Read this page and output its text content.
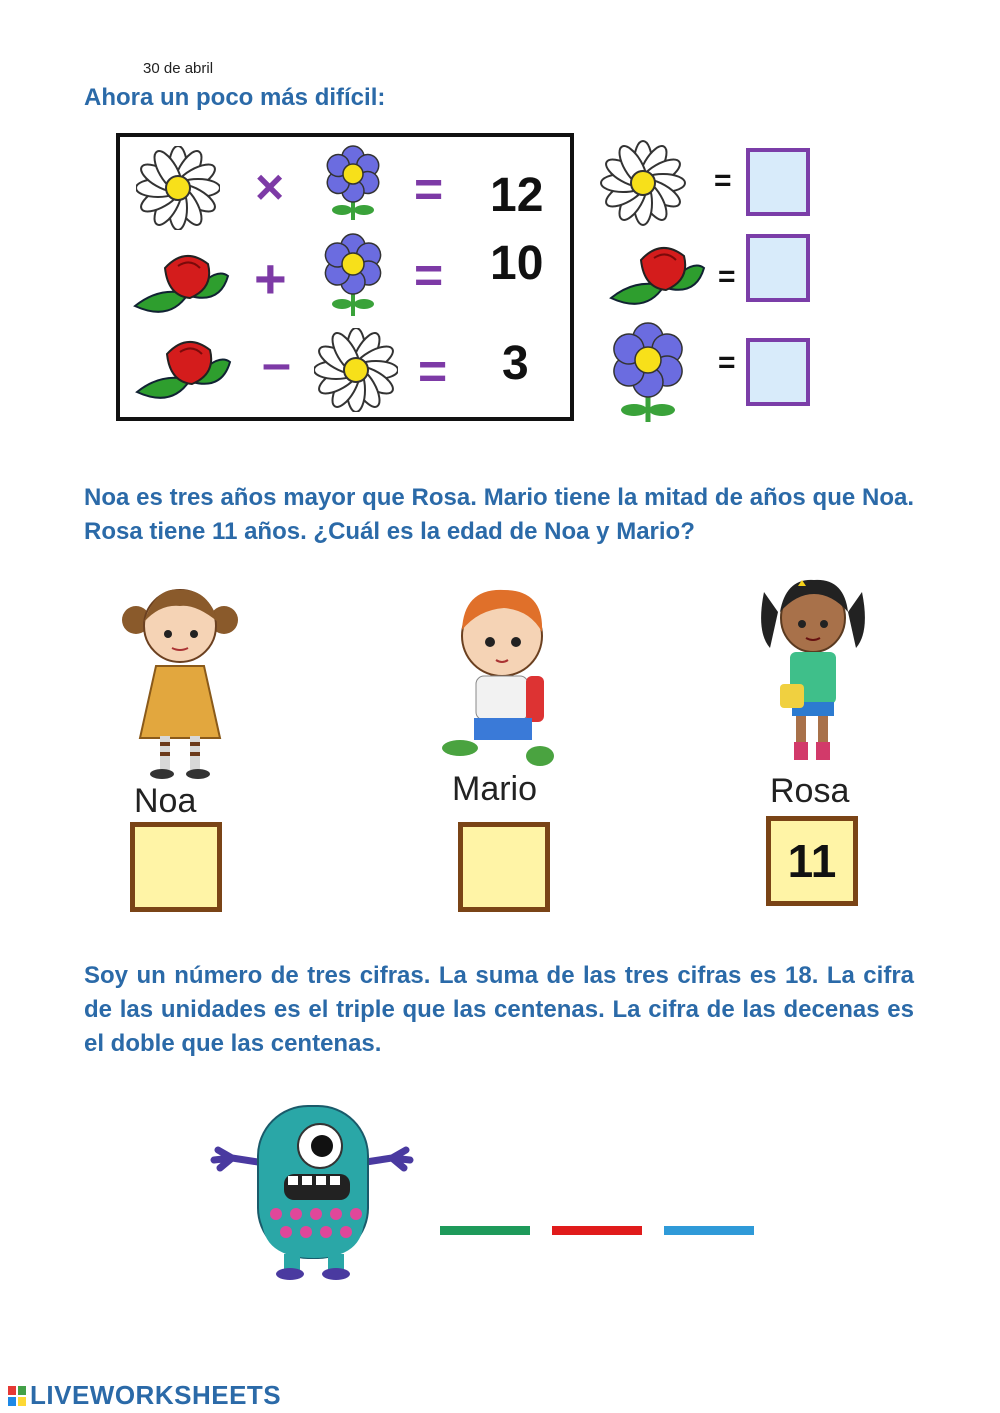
30 de abril
Ahora un poco más difícil:
×	= 12
+	= 10
–	= 3
=
=
=
Noa es tres años mayor que Rosa. Mario tiene la mitad de años que Noa. Rosa tiene 11 años. ¿Cuál es la edad de Noa y Mario?
Noa	Mario	Rosa
11
Soy un número de tres cifras. La suma de las tres cifras es 18. La cifra de las unidades es el triple que las centenas. La cifra de las decenas es el doble que las centenas.
LIVEWORKSHEETS
